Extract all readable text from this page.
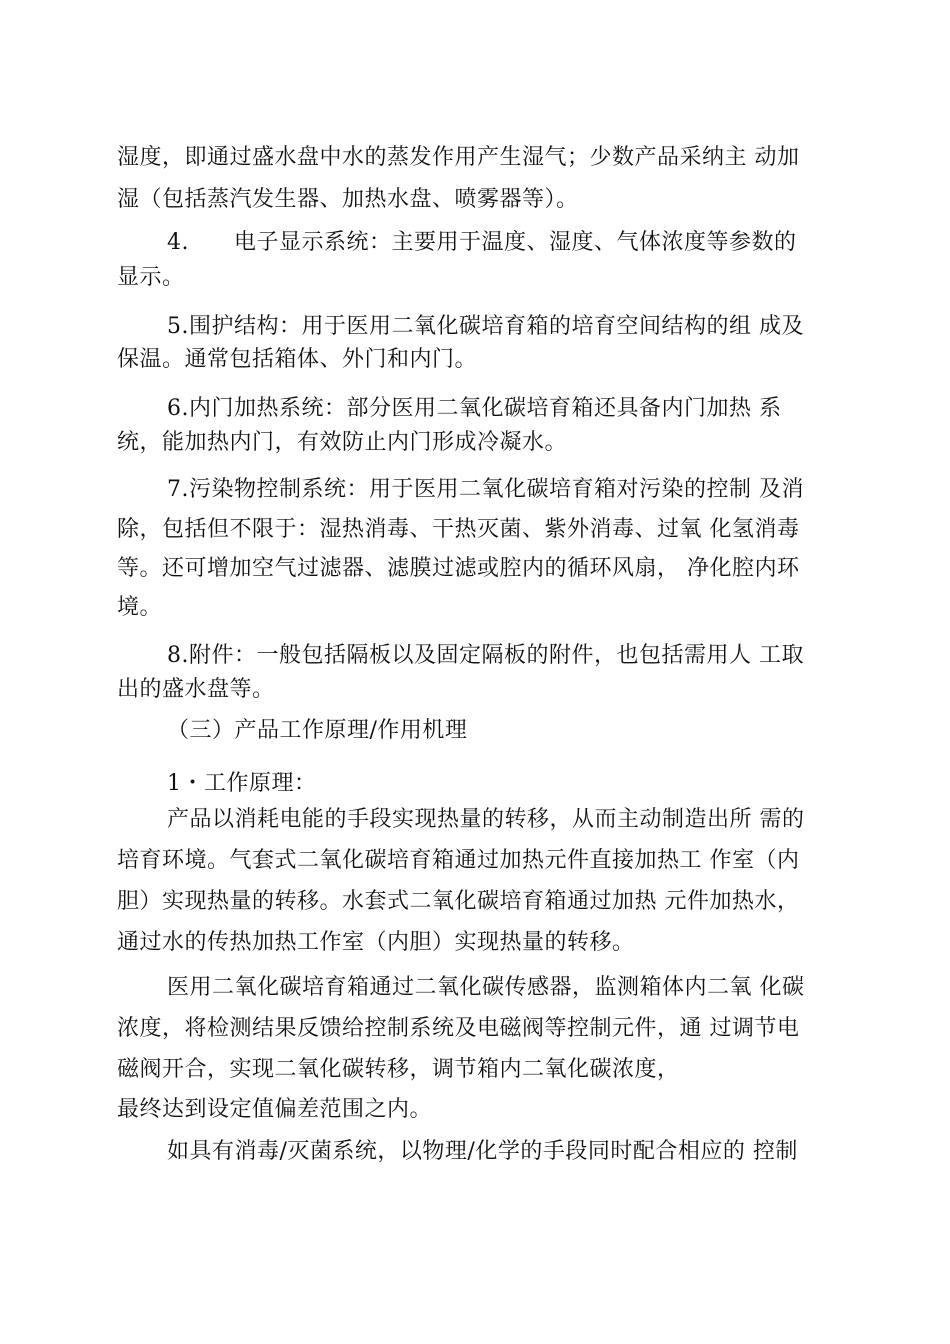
湿度，即通过盛水盘中水的蒸发作用产生湿气；少数产品采纳主 动加
湿（包括蒸汽发生器、加热水盘、喷雾器等）。
4.　　电子显示系统：主要用于温度、湿度、气体浓度等参数的
显示。
5.围护结构：用于医用二氧化碳培育箱的培育空间结构的组 成及
保温。通常包括箱体、外门和内门。
6.内门加热系统：部分医用二氧化碳培育箱还具备内门加热 系
统，能加热内门，有效防止内门形成冷凝水。
7.污染物控制系统：用于医用二氧化碳培育箱对污染的控制 及消
除，包括但不限于：湿热消毒、干热灭菌、紫外消毒、过氧 化氢消毒
等。还可增加空气过滤器、滤膜过滤或腔内的循环风扇， 净化腔内环
境。
8.附件：一般包括隔板以及固定隔板的附件，也包括需用人 工取
出的盛水盘等。
（三）产品工作原理/作用机理
1・工作原理：
产品以消耗电能的手段实现热量的转移，从而主动制造出所 需的
培育环境。气套式二氧化碳培育箱通过加热元件直接加热工 作室（内
胆）实现热量的转移。水套式二氧化碳培育箱通过加热 元件加热水，
通过水的传热加热工作室（内胆）实现热量的转移。
医用二氧化碳培育箱通过二氧化碳传感器，监测箱体内二氧 化碳
浓度，将检测结果反馈给控制系统及电磁阀等控制元件，通 过调节电
磁阀开合，实现二氧化碳转移，调节箱内二氧化碳浓度，
最终达到设定值偏差范围之内。
如具有消毒/灭菌系统，以物理/化学的手段同时配合相应的 控制
